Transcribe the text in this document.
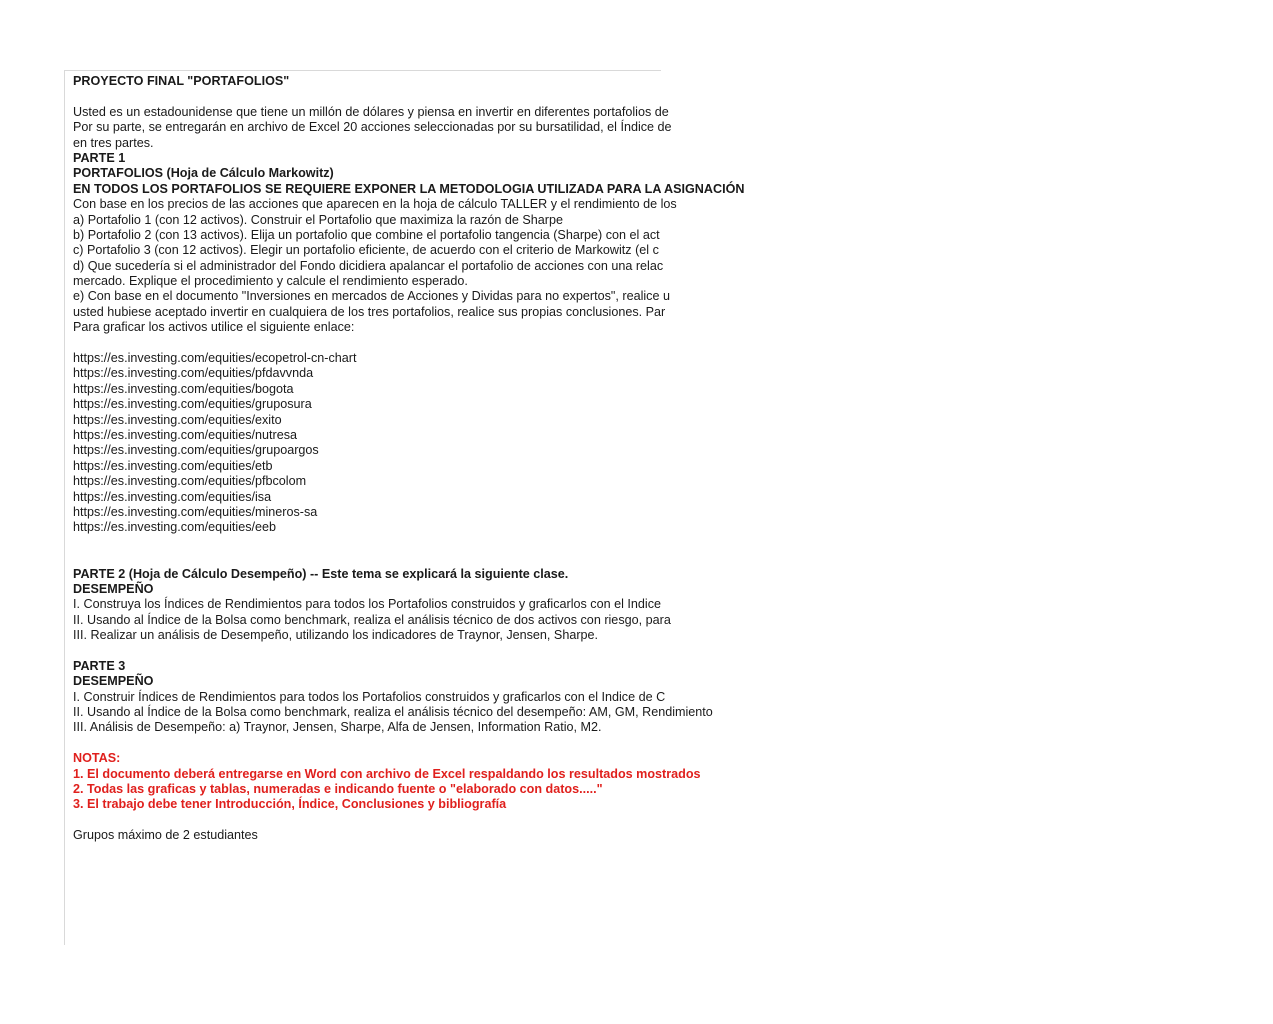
PROYECTO FINAL "PORTAFOLIOS"
Usted es un estadounidense que tiene un millón de dólares y piensa en invertir en diferentes portafolios de
Por su parte, se entregarán en archivo de Excel 20 acciones seleccionadas por su bursatilidad, el Índice de
en tres partes.
PARTE 1
PORTAFOLIOS (Hoja de Cálculo Markowitz)
EN TODOS LOS PORTAFOLIOS SE REQUIERE EXPONER LA METODOLOGIA UTILIZADA PARA LA ASIGNACIÓN
Con base en los precios de las acciones que aparecen en la hoja de cálculo TALLER y el rendimiento de los
a) Portafolio 1 (con 12 activos). Construir el Portafolio que maximiza la razón de Sharpe
b) Portafolio 2 (con 13 activos). Elija un portafolio que combine el portafolio tangencia (Sharpe) con el act
c) Portafolio 3 (con 12 activos). Elegir un portafolio eficiente, de acuerdo con el criterio de Markowitz (el c
d) Que sucedería si el administrador del Fondo dicidiera apalancar el portafolio de acciones con una relac
mercado. Explique el procedimiento y calcule el rendimiento esperado.
e) Con base en el documento "Inversiones en mercados de Acciones y Dividas para no expertos", realice u
usted hubiese aceptado invertir en cualquiera de los tres portafolios, realice sus propias conclusiones. Par
Para graficar los activos utilice el siguiente enlace:
https://es.investing.com/equities/ecopetrol-cn-chart
https://es.investing.com/equities/pfdavvnda
https://es.investing.com/equities/bogota
https://es.investing.com/equities/gruposura
https://es.investing.com/equities/exito
https://es.investing.com/equities/nutresa
https://es.investing.com/equities/grupoargos
https://es.investing.com/equities/etb
https://es.investing.com/equities/pfbcolom
https://es.investing.com/equities/isa
https://es.investing.com/equities/mineros-sa
https://es.investing.com/equities/eeb
PARTE 2 (Hoja de Cálculo Desempeño) -- Este tema se explicará la siguiente clase.
DESEMPEÑO
I. Construya los Índices de Rendimientos para todos los Portafolios construidos y graficarlos con el Indice
II. Usando al Índice de la Bolsa como benchmark, realiza el análisis técnico de dos activos con riesgo, para
III. Realizar un análisis de Desempeño, utilizando los indicadores de Traynor, Jensen, Sharpe.
PARTE 3
DESEMPEÑO
I. Construir Índices de Rendimientos para todos los Portafolios construidos y graficarlos con el Indice de C
II. Usando al Índice de la Bolsa como benchmark, realiza el análisis técnico del desempeño: AM, GM, Rendimiento
III. Análisis de Desempeño: a) Traynor, Jensen, Sharpe, Alfa de Jensen, Information Ratio, M2.
NOTAS:
1. El documento deberá entregarse en Word con archivo de Excel respaldando los resultados mostrados
2. Todas las graficas y tablas, numeradas e indicando fuente o "elaborado con datos....."
3. El trabajo debe tener Introducción, Índice, Conclusiones y bibliografía
Grupos máximo de 2 estudiantes
